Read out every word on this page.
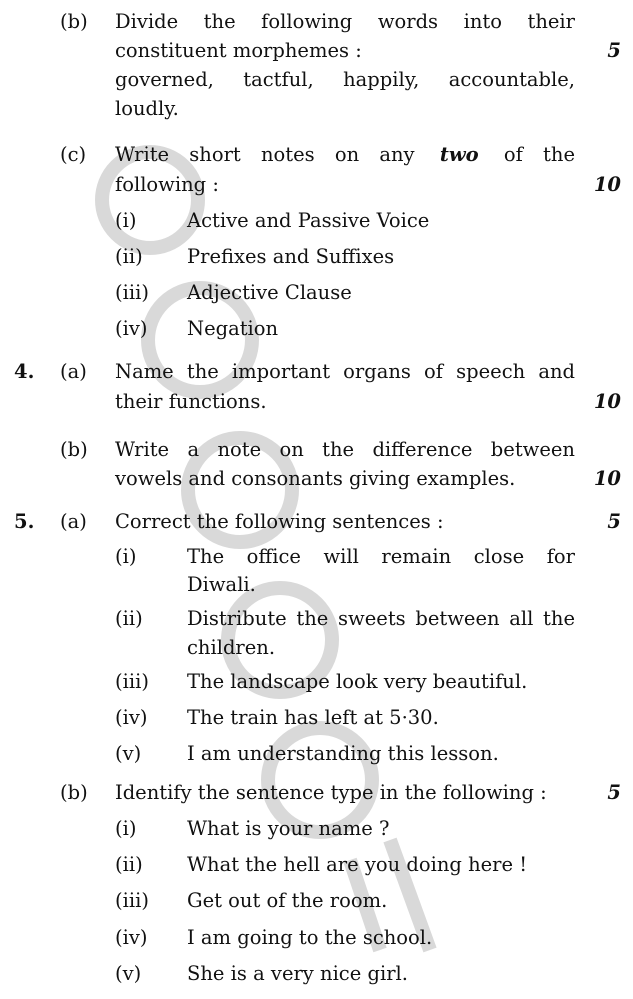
(b) Divide the following words into their
constituent morphemes :	5
governed, tactful, happily, accountable,
loudly.
(c) Write short notes on any two of the
following :	10
(i)	Active and Passive Voice
(ii) Prefixes and Suffixes
(iii) Adjective Clause
(iv) Negation
4. (a) Name the important organs of speech and
their functions.	10
(b) Write a note on the difference between
vowels and consonants giving examples.	10
5. (a) Correct the following sentences :	5
(i)	The office will remain close for
Diwali.
(ii) Distribute the sweets between all the
children.
(iii) The landscape look very beautiful.
(iv) The train has left at 5·30.
(v) I am understanding this lesson.
(b) Identify the sentence type in the following :	5
(i)	What is your name ?
(ii) What the hell are you doing here !
(iii) Get out of the room.
(iv) I am going to the school.
(v) She is a very nice girl.
